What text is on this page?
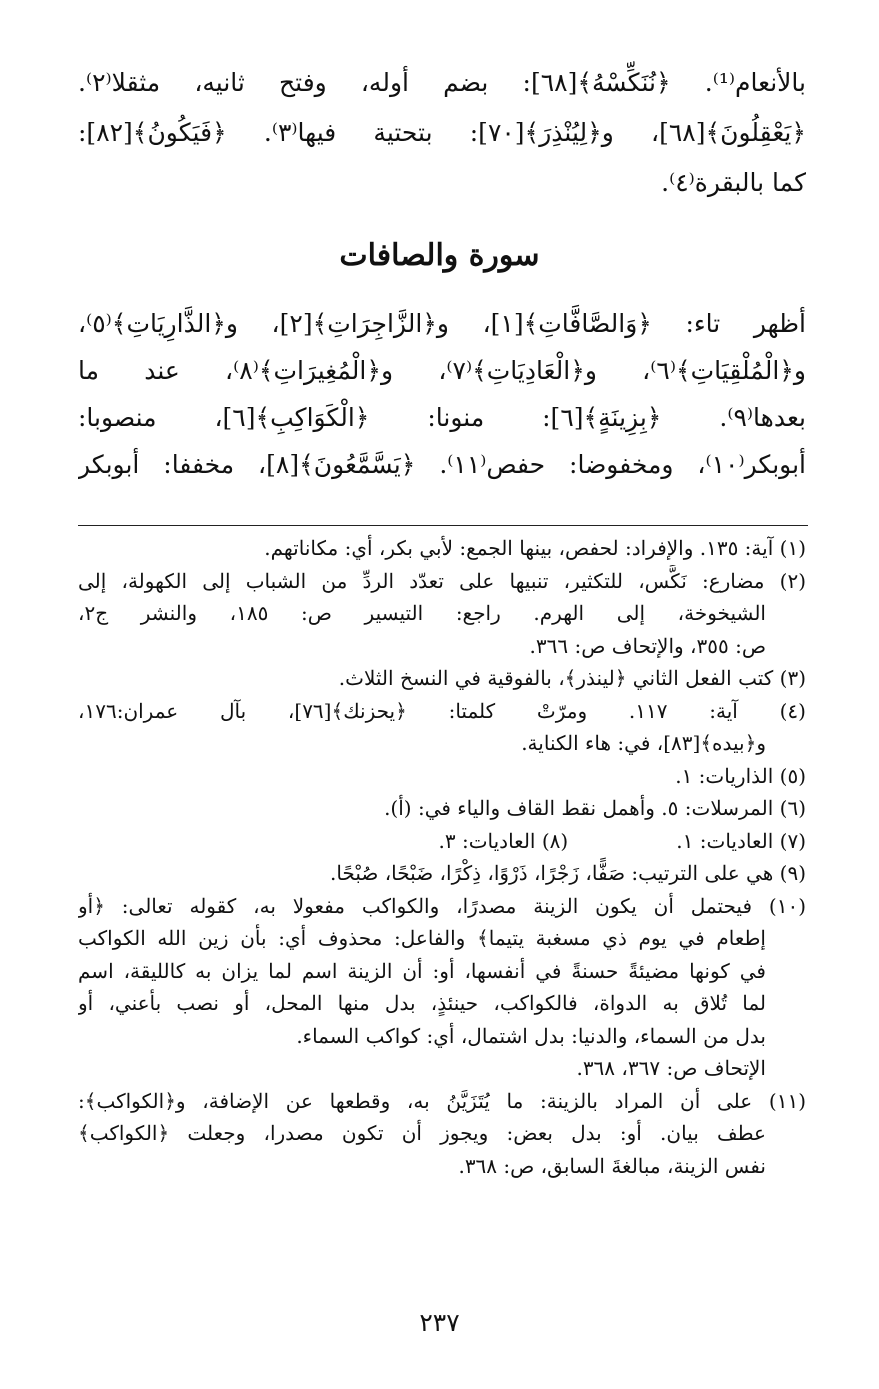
بالأنعام⁽¹⁾. ﴿نُنَكِّسْهُ﴾[٦٨]: بضم أوله، وفتح ثانيه، مثقلا⁽٢⁾.
﴿يَعْقِلُونَ﴾[٦٨]، و﴿لِيُنْذِرَ﴾[٧٠]: بتحتية فيها⁽٣⁾. ﴿فَيَكُونُ﴾[٨٢]:
كما بالبقرة⁽٤⁾.
سورة والصافات
أظهر تاء: ﴿وَالصَّافَّاتِ﴾[١]، و﴿الزَّاجِرَاتِ﴾[٢]، و﴿الذَّارِيَاتِ﴾⁽٥⁾،
و﴿الْمُلْقِيَاتِ﴾⁽٦⁾، و﴿الْعَادِيَاتِ﴾⁽٧⁾، و﴿الْمُغِيرَاتِ﴾⁽٨⁾، عند ما
بعدها⁽٩⁾. ﴿بِزِينَةٍ﴾[٦]: منونا: ﴿الْكَوَاكِبِ﴾[٦]، منصوبا:
أبوبكر⁽١٠⁾، ومخفوضا: حفص⁽١١⁾. ﴿يَسَّمَّعُونَ﴾[٨]، مخففا: أبوبكر
(١) آية: ١٣٥. والإفراد: لحفص، بينها الجمع: لأبي بكر، أي: مكاناتهم.
(٢) مضارع: نَكَّس، للتكثير، تنبيها على تعدّد الردِّ من الشباب إلى الكهولة، إلى
الشيخوخة، إلى الهرم. راجع: التيسير ص: ١٨٥، والنشر ج٢،
ص: ٣٥٥، والإتحاف ص: ٣٦٦.
(٣) كتب الفعل الثاني ﴿لينذر﴾، بالفوقية في النسخ الثلاث.
(٤) آية: ١١٧. ومرّتْ كلمتا: ﴿يحزنك﴾[٧٦]، بآل عمران:١٧٦،
و﴿بيده﴾[٨٣]، في: هاء الكناية.
(٥) الذاريات: ١.
(٦) المرسلات: ٥. وأهمل نقط القاف والياء في: (أ).
(٧) العاديات: ١.                 (٨) العاديات: ٣.
(٩) هي على الترتيب: صَفًّا، زَجْرًا، ذَرْوًا، ذِكْرًا، ضَبْحًا، صُبْحًا.
(١٠) فيحتمل أن يكون الزينة مصدرًا، والكواكب مفعولا به، كقوله تعالى: ﴿أو
إطعام في يوم ذي مسغبة يتيما﴾ والفاعل: محذوف أي: بأن زين الله الكواكب
في كونها مضيئةً حسنةً في أنفسها، أو: أن الزينة اسم لما يزان به كالليقة، اسم
لما تُلاق به الدواة، فالكواكب، حينئذٍ، بدل منها المحل، أو نصب بأعني، أو
بدل من السماء، والدنيا: بدل اشتمال، أي: كواكب السماء.
الإتحاف ص: ٣٦٧، ٣٦٨.
(١١) على أن المراد بالزينة: ما يُتَزَيَّنُ به، وقطعها عن الإضافة، و﴿الكواكب﴾:
عطف بيان. أو: بدل بعض: ويجوز أن تكون مصدرا، وجعلت ﴿الكواكب﴾
نفس الزينة، مبالغةَ السابق، ص: ٣٦٨.
٢٣٧
